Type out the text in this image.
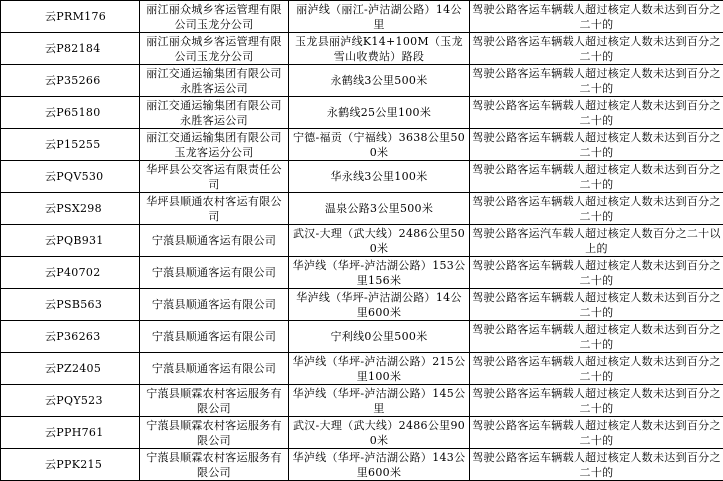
云PRM176	丽江丽众城乡客运管理有限公司玉龙分公司	丽泸线（丽江-泸沽湖公路）14公里	驾驶公路客运车辆载人超过核定人数未达到百分之二十的
云P82184	丽江丽众城乡客运管理有限公司玉龙分公司	玉龙县丽泸线K14+100M（玉龙雪山收费站）路段	驾驶公路客运车辆载人超过核定人数未达到百分之二十的
云P35266	丽江交通运输集团有限公司永胜客运公司	永鹤线3公里500米	驾驶公路客运车辆载人超过核定人数未达到百分之二十的
云P65180	丽江交通运输集团有限公司永胜客运公司	永鹤线25公里100米	驾驶公路客运车辆载人超过核定人数未达到百分之二十的
云P15255	丽江交通运输集团有限公司玉龙客运分公司	宁德-福贡（宁福线）3638公里500米	驾驶公路客运车辆载人超过核定人数未达到百分之二十的
云PQV530	华坪县公交客运有限责任公司	华永线3公里100米	驾驶公路客运车辆载人超过核定人数未达到百分之二十的
云PSX298	华坪县顺通农村客运有限公司	温泉公路3公里500米	驾驶公路客运车辆载人超过核定人数未达到百分之二十的
云PQB931	宁蒗县顺通客运有限公司	武汉-大理（武大线）2486公里500米	驾驶公路客运汽车载人超过核定人数百分之二十以上的
云P40702	宁蒗县顺通客运有限公司	华泸线（华坪-泸沽湖公路）153公里156米	驾驶公路客运车辆载人超过核定人数未达到百分之二十的
云PSB563	宁蒗县顺通客运有限公司	华泸线（华坪-泸沽湖公路）14公里600米	驾驶公路客运车辆载人超过核定人数未达到百分之二十的
云P36263	宁蒗县顺通客运有限公司	宁利线0公里500米	驾驶公路客运车辆载人超过核定人数未达到百分之二十的
云PZ2405	宁蒗县顺通客运有限公司	华泸线（华坪-泸沽湖公路）215公里100米	驾驶公路客运车辆载人超过核定人数未达到百分之二十的
云PQY523	宁蒗县顺霖农村客运服务有限公司	华泸线（华坪-泸沽湖公路）145公里	驾驶公路客运车辆载人超过核定人数未达到百分之二十的
云PPH761	宁蒗县顺霖农村客运服务有限公司	武汉-大理（武大线）2486公里900米	驾驶公路客运车辆载人超过核定人数未达到百分之二十的
云PPK215	宁蒗县顺霖农村客运服务有限公司	华泸线（华坪-泸沽湖公路）143公里600米	驾驶公路客运车辆载人超过核定人数未达到百分之二十的
